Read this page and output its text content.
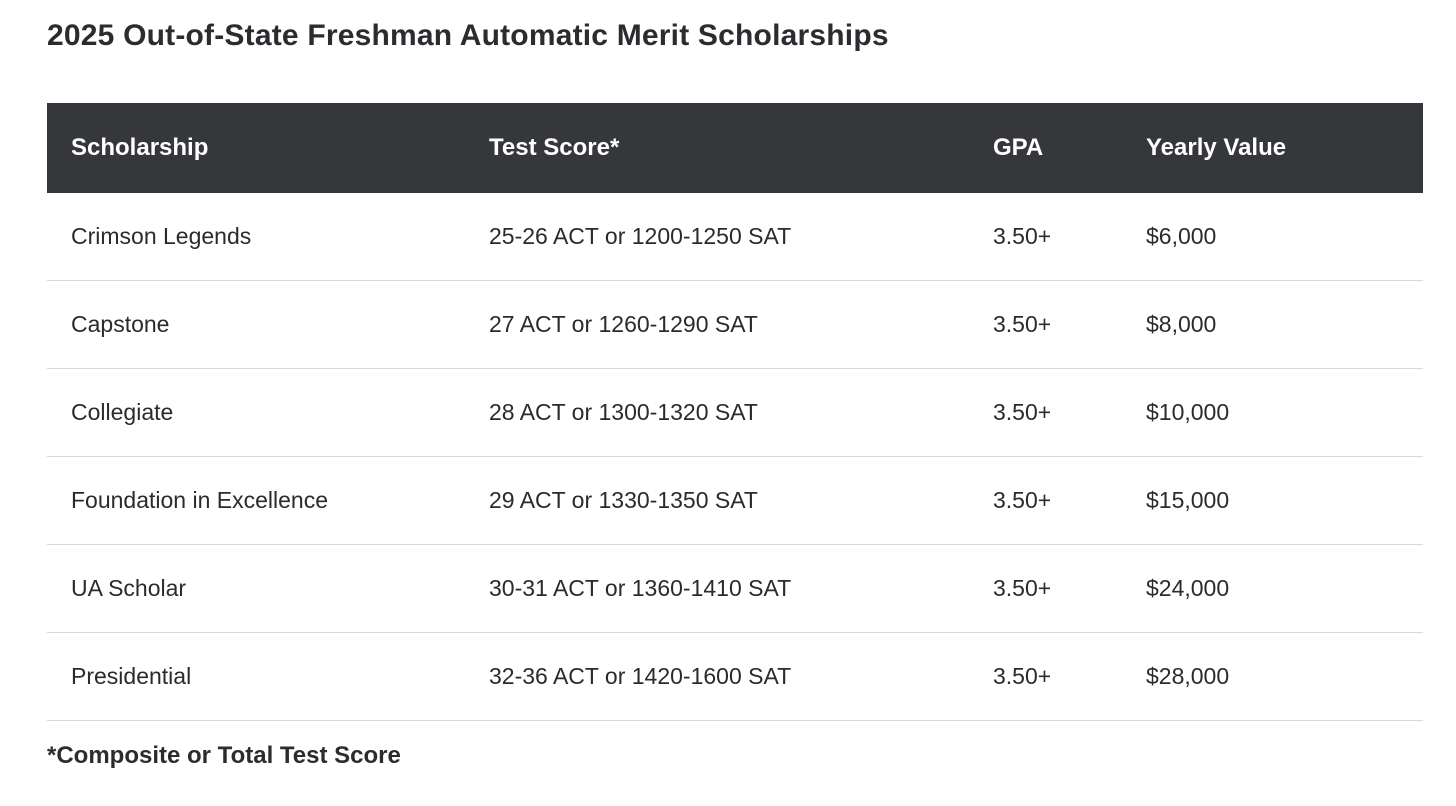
2025 Out-of-State Freshman Automatic Merit Scholarships
Scholarship	Test Score*	GPA	Yearly Value
Crimson Legends	25-26 ACT or 1200-1250 SAT	3.50+	$6,000
Capstone	27 ACT or 1260-1290 SAT	3.50+	$8,000
Collegiate	28 ACT or 1300-1320 SAT	3.50+	$10,000
Foundation in Excellence	29 ACT or 1330-1350 SAT	3.50+	$15,000
UA Scholar	30-31 ACT or 1360-1410 SAT	3.50+	$24,000
Presidential	32-36 ACT or 1420-1600 SAT	3.50+	$28,000
*Composite or Total Test Score
